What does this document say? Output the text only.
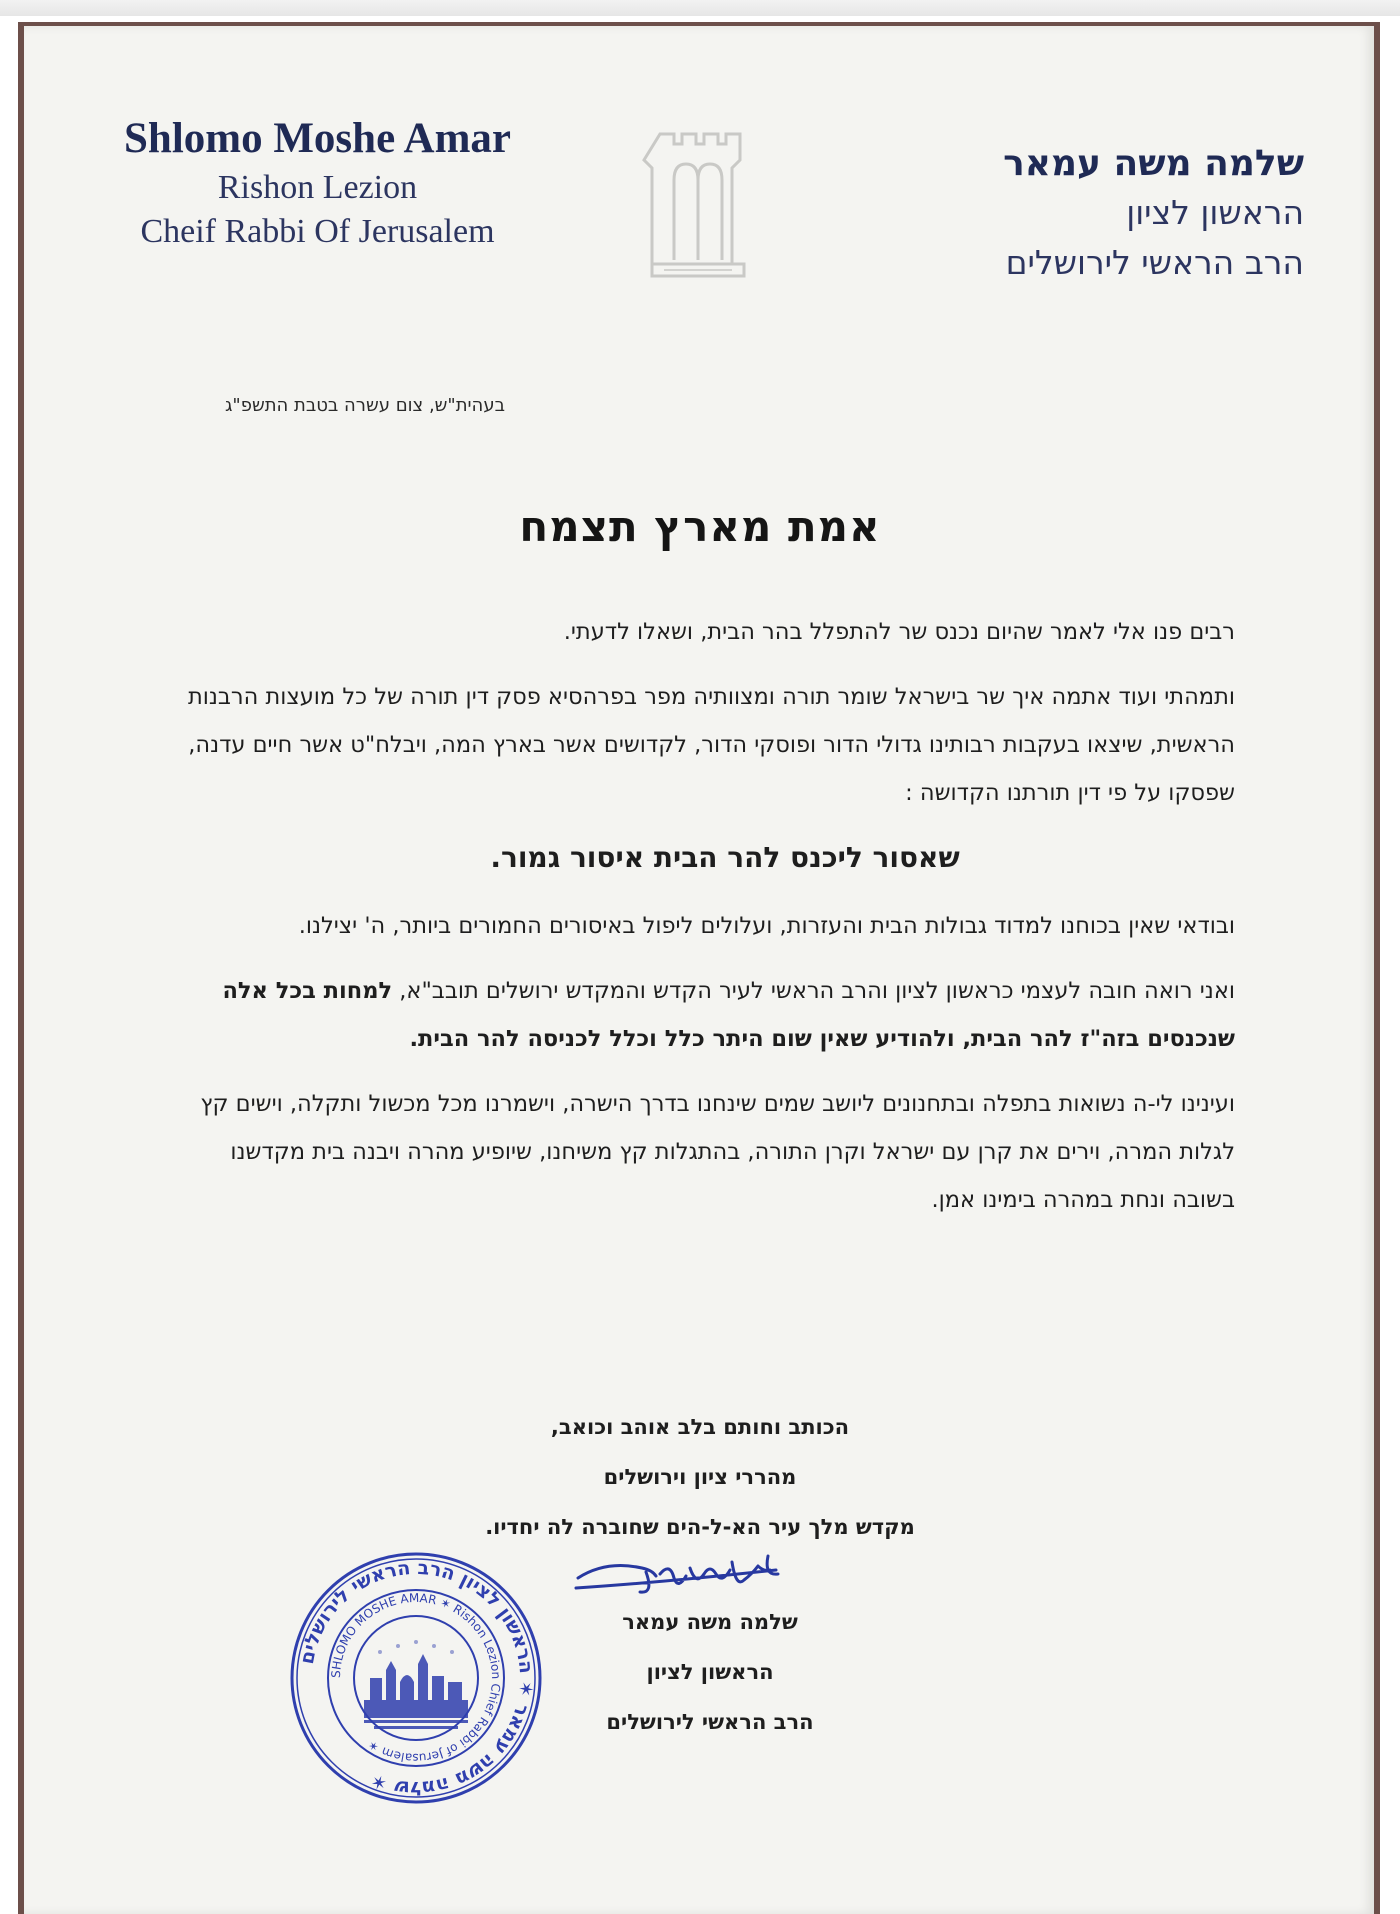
Shlomo Moshe Amar
Rishon Lezion
Cheif Rabbi Of Jerusalem
שלמה משה עמאר
הראשון לציון
הרב הראשי לירושלים
בעהית"ש, צום עשרה בטבת התשפ"ג
אמת מארץ תצמח

רבים פנו אלי לאמר שהיום נכנס שר להתפלל בהר הבית, ושאלו לדעתי.

ותמהתי ועוד אתמה איך שר בישראל שומר תורה ומצוותיה מפר בפרהסיא פסק דין תורה של כל מועצות הרבנות הראשית, שיצאו בעקבות רבותינו גדולי הדור ופוסקי הדור, לקדושים אשר בארץ המה, ויבלח"ט אשר חיים עדנה, שפסקו על פי דין תורתנו הקדושה :

שאסור ליכנס להר הבית איסור גמור.

ובודאי שאין בכוחנו למדוד גבולות הבית והעזרות, ועלולים ליפול באיסורים החמורים ביותר, ה' יצילנו.

ואני רואה חובה לעצמי כראשון לציון והרב הראשי לעיר הקדש והמקדש ירושלים תובב"א, למחות בכל אלה שנכנסים בזה"ז להר הבית, ולהודיע שאין שום היתר כלל וכלל לכניסה להר הבית.

ועינינו לי-ה נשואות בתפלה ובתחנונים ליושב שמים שינחנו בדרך הישרה, וישמרנו מכל מכשול ותקלה, וישים קץ לגלות המרה, וירים את קרן עם ישראל וקרן התורה, בהתגלות קץ משיחנו, שיופיע מהרה ויבנה בית מקדשנו בשובה ונחת במהרה בימינו אמן.

הכותב וחותם בלב אוהב וכואב,
מהררי ציון וירושלים
מקדש מלך עיר הא-ל-הים שחוברה לה יחדיו.
שלמה משה עמאר
הראשון לציון
הרב הראשי לירושלים
שלמה משה עמאר ✶ הראשון לציון הרב הראשי לירושלים ✶
SHLOMO MOSHE AMAR ✶ Rishon Lezion Chief Rabbi of Jerusalem ✶
